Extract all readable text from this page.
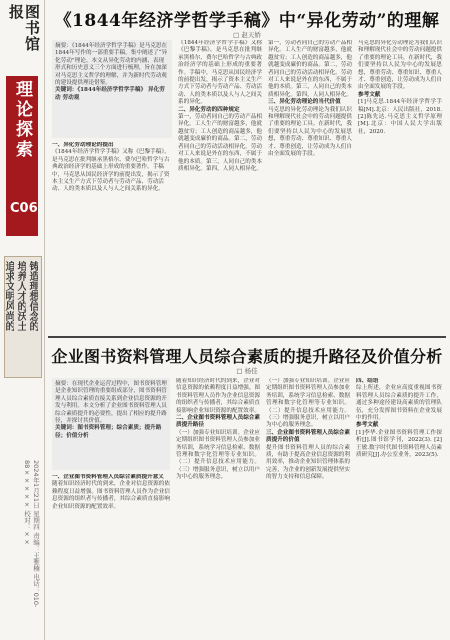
图书馆报
理论探索
C06
铸造理想信念的
培养人才的沃土
追求文明风尚的
2024年1月21日 星期四 责编：王雅楠 电话：010-88××××× 校对：××
《1844年经济学哲学手稿》中“异化劳动”的理解
□ 赵天娇
摘要：《1844年经济学哲学手稿》是马克思在1844年写作的一部重要手稿，集中阐述了“异化劳动”理论。本文从异化劳动的内涵、表现形式和历史意义三个方面进行梳理，旨在加深对马克思主义哲学的理解，并为新时代劳动观的建设提供理论借鉴。
关键词：《1844年经济学哲学手稿》 异化劳动 劳动观
一、异化劳动理论的提出
《1844年经济学哲学手稿》又称《巴黎手稿》，是马克思在批判继承黑格尔、费尔巴哈哲学与古典政治经济学的基础上形成的重要著作。手稿中，马克思从国民经济学的前提出发，揭示了资本主义生产方式下劳动者与劳动产品、劳动活动、人的类本质以及人与人之间关系的异化。
《1844年经济学哲学手稿》又称《巴黎手稿》，是马克思在批判继承黑格尔、费尔巴哈哲学与古典政治经济学的基础上形成的重要著作。手稿中，马克思从国民经济学的前提出发，揭示了资本主义生产方式下劳动者与劳动产品、劳动活动、人的类本质以及人与人之间关系的异化。
二、异化劳动的四种规定
第一，劳动者同自己的劳动产品相异化。工人生产的财富越多，他就越贫穷；工人创造的商品越多，他就越变成廉价的商品。第二，劳动者同自己的劳动活动相异化。劳动对工人来说是外在的东西，不属于他的本质。第三，人同自己的类本质相异化。第四，人同人相异化。
第一，劳动者同自己的劳动产品相异化。工人生产的财富越多，他就越贫穷；工人创造的商品越多，他就越变成廉价的商品。第二，劳动者同自己的劳动活动相异化。劳动对工人来说是外在的东西，不属于他的本质。第三，人同自己的类本质相异化。第四，人同人相异化。
三、异化劳动理论的当代价值
马克思的异化劳动理论为我们认识和理解现代社会中的劳动问题提供了重要的理论工具。在新时代，我们要坚持以人民为中心的发展思想，尊重劳动、尊重知识、尊重人才、尊重创造，让劳动成为人们自由全面发展的手段。
马克思的异化劳动理论为我们认识和理解现代社会中的劳动问题提供了重要的理论工具。在新时代，我们要坚持以人民为中心的发展思想，尊重劳动、尊重知识、尊重人才、尊重创造，让劳动成为人们自由全面发展的手段。
参考文献
[1]马克思.1844年经济学哲学手稿[M].北京：人民出版社，2018. [2]陈先达.马克思主义哲学原理[M].北京：中国人民大学出版社，2020.
企业图书资料管理人员综合素质的提升路径及价值分析
□ 杨佳
摘要：在现代企业运营过程中，图书资料管理是企业知识管理的重要组成部分，图书资料管理人员综合素质直接关系到企业信息资源的开发与利用。本文分析了企业图书资料管理人员综合素质提升的必要性，提出了相应的提升路径，并探讨其价值。
关键词：图书资料管理；综合素质；提升路径；价值分析
一、企业图书资料管理人员综合素质提升意义
随着知识经济时代的到来，企业对信息资源的依赖程度日益增强。图书资料管理人员作为企业信息资源的组织者与传播者，其综合素质直接影响企业知识资源的配置效率。
随着知识经济时代的到来，企业对信息资源的依赖程度日益增强。图书资料管理人员作为企业信息资源的组织者与传播者，其综合素质直接影响企业知识资源的配置效率。
二、企业图书资料管理人员综合素质提升路径
（一）加强专业知识培训。企业应定期组织图书资料管理人员参加业务培训，系统学习信息检索、数据管理和数字化管理等专业知识。（二）提升信息技术应用能力。（三）增强服务意识，树立以用户为中心的服务理念。
（一）加强专业知识培训。企业应定期组织图书资料管理人员参加业务培训，系统学习信息检索、数据管理和数字化管理等专业知识。（二）提升信息技术应用能力。（三）增强服务意识，树立以用户为中心的服务理念。
三、企业图书资料管理人员综合素质提升的价值
提升图书资料管理人员的综合素质，有助于提高企业信息资源的利用效率，推动企业知识管理体系的完善，为企业的创新发展提供坚实的智力支持和信息保障。
四、结语
综上所述，企业应高度重视图书资料管理人员综合素质的提升工作，通过多种途径建设高素质的管理队伍，充分发挥图书资料在企业发展中的作用。
参考文献
[1]李华.企业图书资料管理工作探析[J].图书馆学刊，2022(3). [2]王敏.数字时代图书资料管理人员素质研究[J].办公室业务，2023(5).
